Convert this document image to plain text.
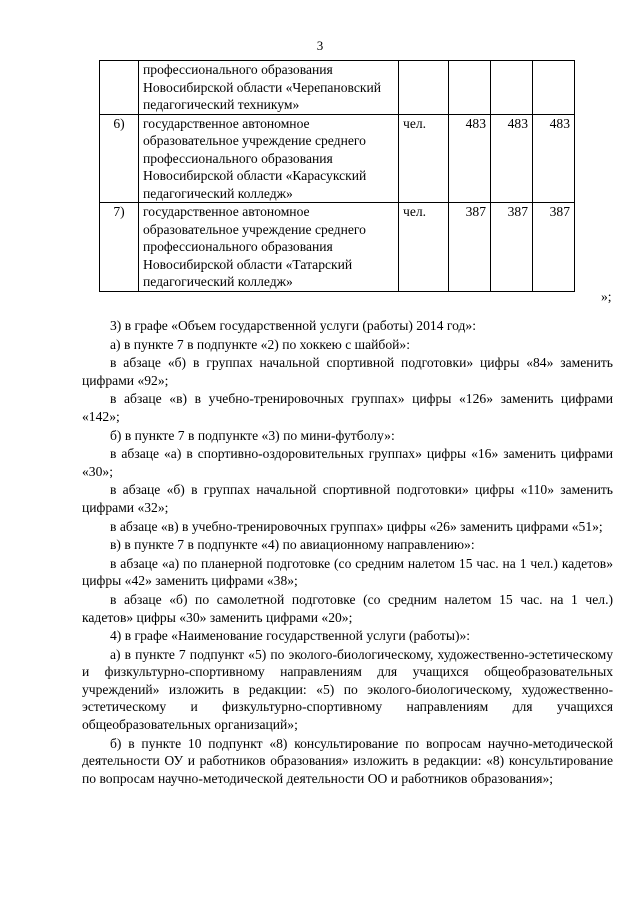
3
	профессионального образования Новосибирской области «Черепановский педагогический техникум»				
6)	государственное автономное образовательное учреждение среднего профессионального образования Новосибирской области «Карасукский педагогический колледж»	чел.	483	483	483
7)	государственное автономное образовательное учреждение среднего профессионального образования Новосибирской области «Татарский педагогический колледж»	чел.	387	387	387
»;

3) в графе «Объем государственной услуги (работы) 2014 год»:

а) в пункте 7 в подпункте «2) по хоккею с шайбой»:

в абзаце «б) в группах начальной спортивной подготовки» цифры «84» заменить цифрами «92»;

в абзаце «в) в учебно-тренировочных группах» цифры «126» заменить цифрами «142»;

б) в пункте 7 в подпункте «3) по мини-футболу»:

в абзаце «а) в спортивно-оздоровительных группах» цифры «16» заменить цифрами «30»;

в абзаце «б) в группах начальной спортивной подготовки» цифры «110» заменить цифрами «32»;

в абзаце «в) в учебно-тренировочных группах» цифры «26» заменить цифрами «51»;

в) в пункте 7 в подпункте «4) по авиационному направлению»:

в абзаце «а) по планерной подготовке (со средним налетом 15 час. на 1 чел.) кадетов» цифры «42» заменить цифрами «38»;

в абзаце «б) по самолетной подготовке (со средним налетом 15 час. на 1 чел.) кадетов» цифры «30» заменить цифрами «20»;

4) в графе «Наименование государственной услуги (работы)»:

а) в пункте 7 подпункт «5) по эколого-биологическому, художественно-эстетическому и физкультурно-спортивному направлениям для учащихся общеобразовательных учреждений» изложить в редакции: «5) по эколого-биологическому, художественно-эстетическому и физкультурно-спортивному направлениям для учащихся общеобразовательных организаций»;

б) в пункте 10 подпункт «8) консультирование по вопросам научно-методической деятельности ОУ и работников образования» изложить в редакции: «8) консультирование по вопросам научно-методической деятельности ОО и работников образования»;
